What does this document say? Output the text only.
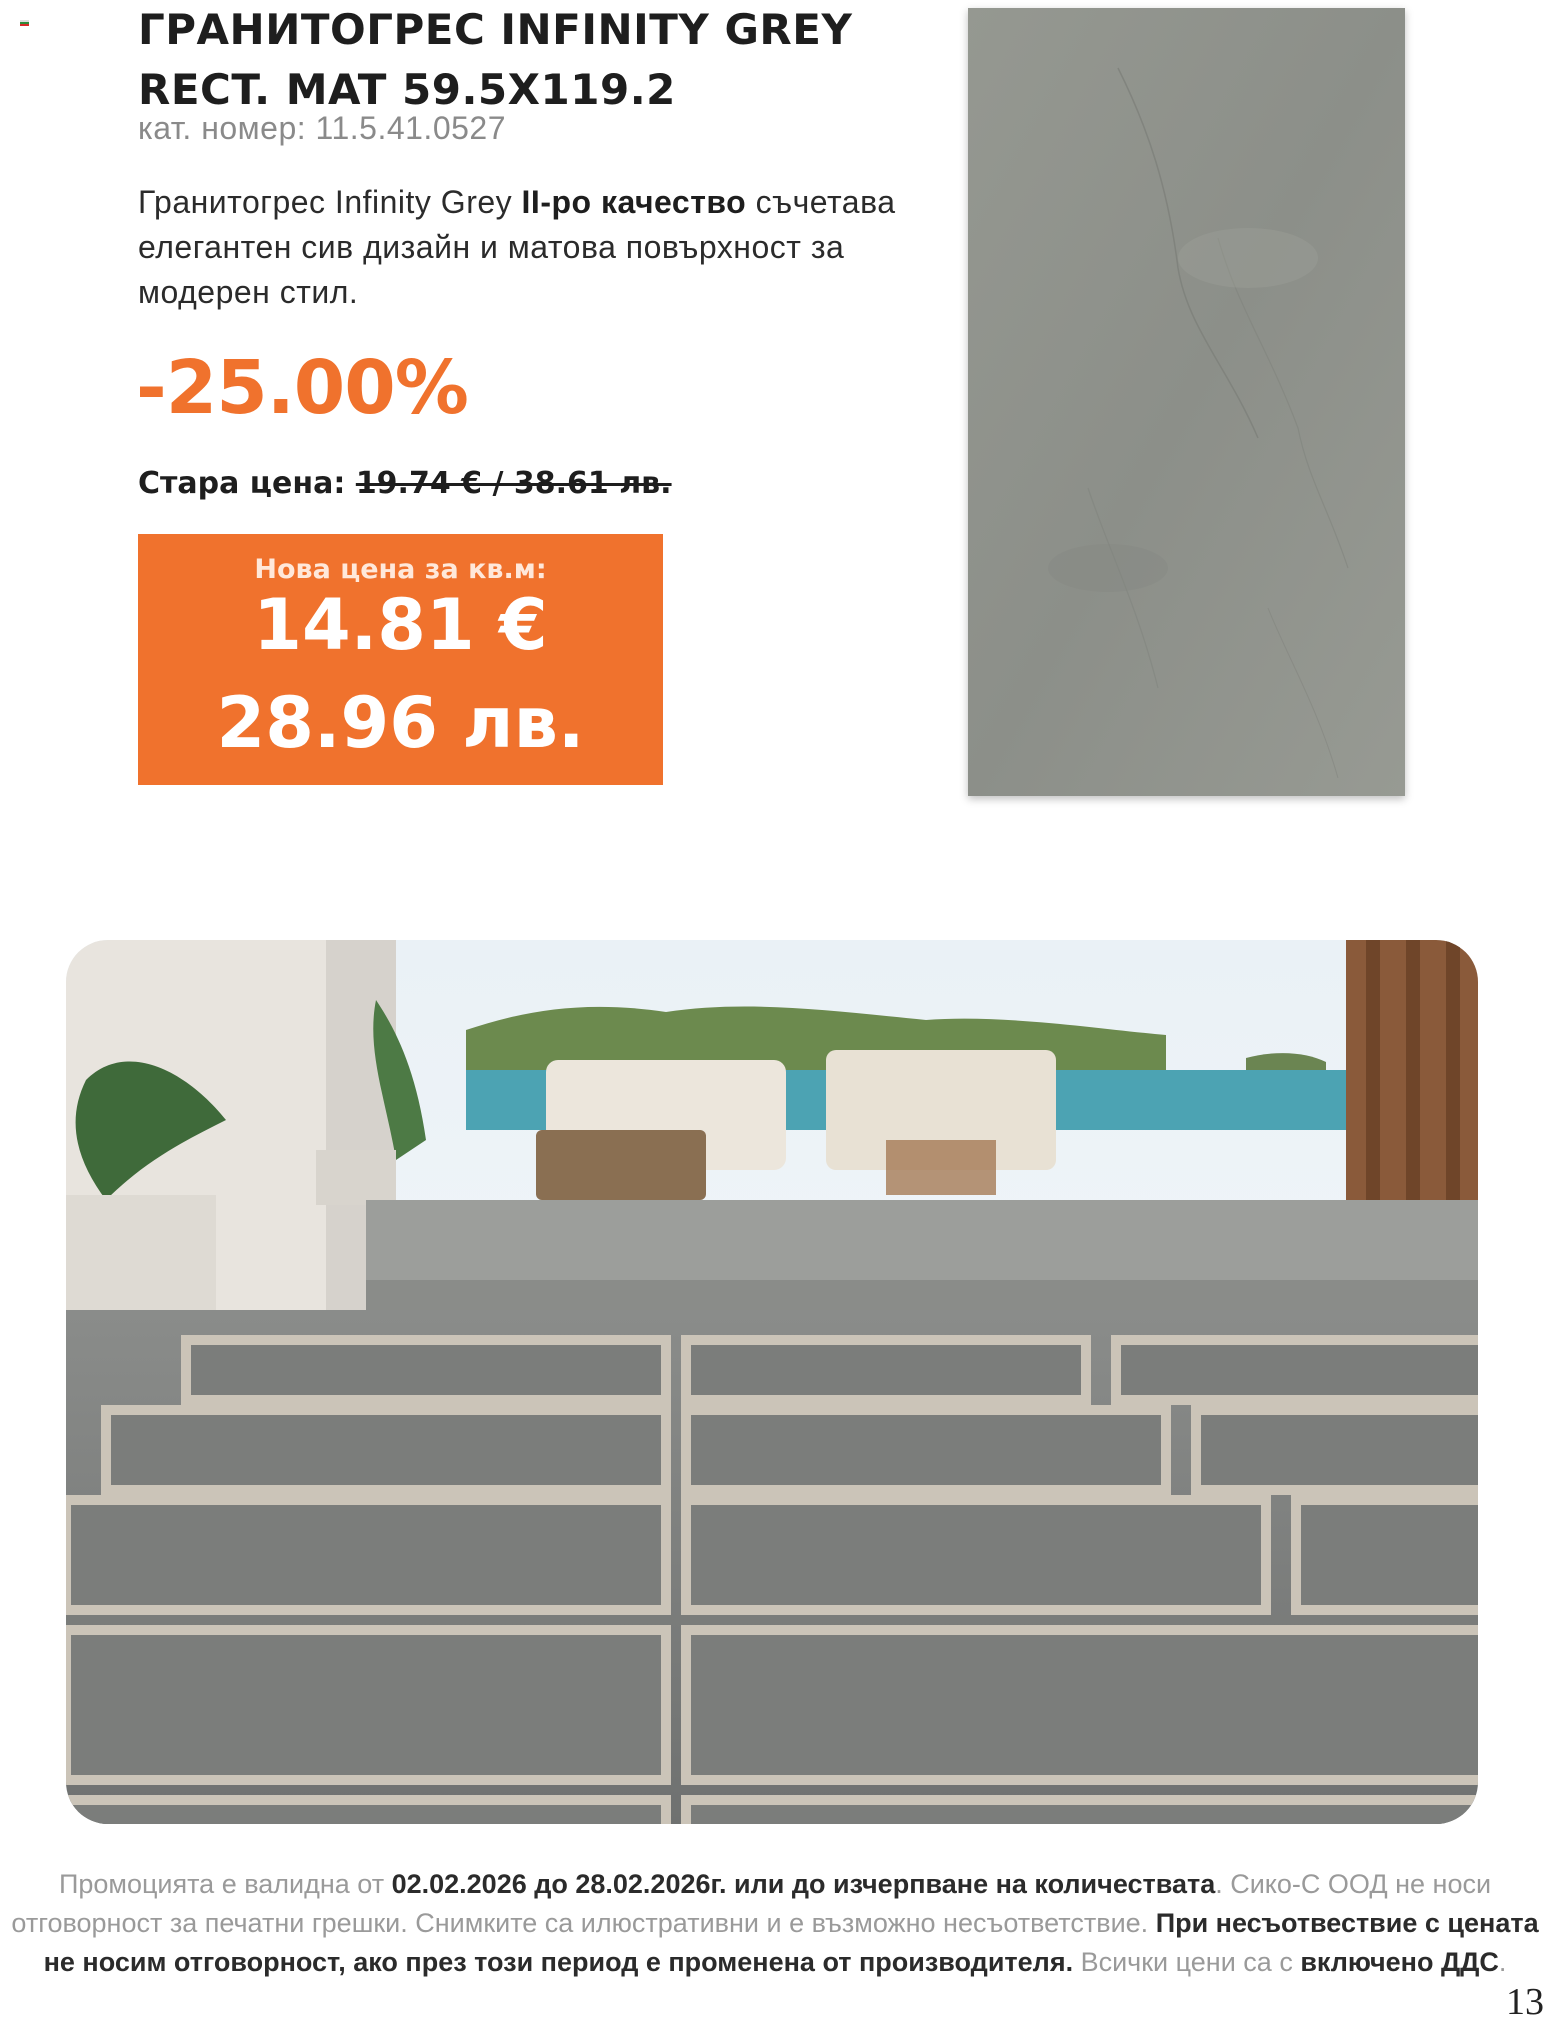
ГРАНИТОГРЕС INFINITY GREY
RECT. MAT 59.5X119.2
кат. номер: 11.5.41.0527

Гранитогрес Infinity Grey II-ро качество съчетава елегантен сив дизайн и матова повърхност за модерен стил.

-25.00%
Стара цена: 19.74 € / 38.61 лв.
Нова цена за кв.м:
14.81 €
28.96 лв.
Промоцията е валидна от 02.02.2026 до 28.02.2026г. или до изчерпване на количествата. Сико-С ООД не носи отговорност за печатни грешки. Снимките са илюстративни и е възможно несъответствие. При несъотвествие с цената не носим отговорност, ако през този период е променена от производителя. Всички цени са с включено ДДС.
13
